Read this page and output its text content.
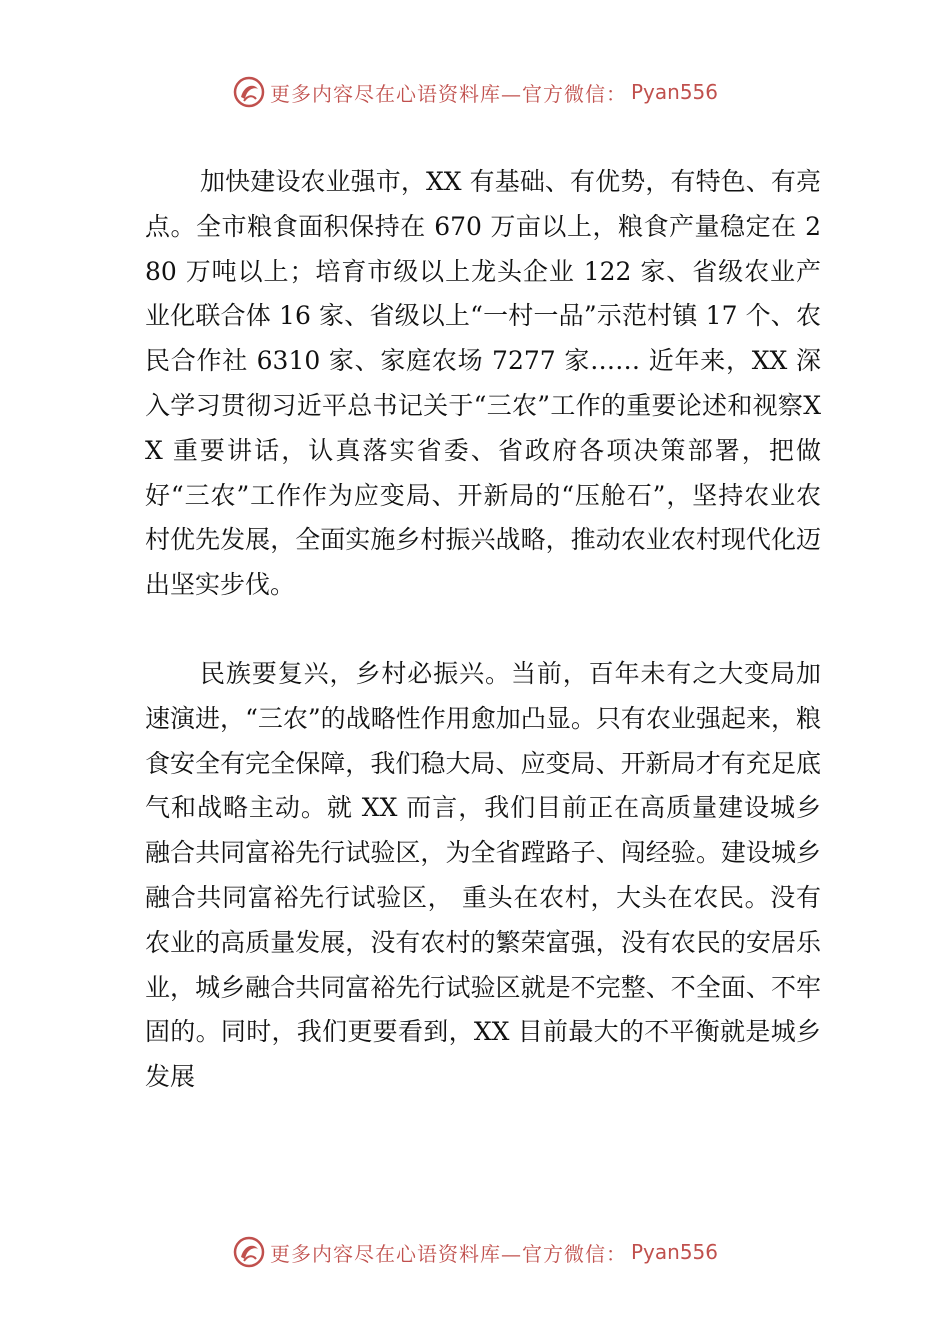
更多内容尽在心语资料库—官方微信： Pyan556

加快建设农业强市，XX 有基础、有优势，有特色、有亮点。全市粮食面积保持在 670 万亩以上，粮食产量稳定在 280 万吨以上；培育市级以上龙头企业 122 家、省级农业产业化联合体 16 家、省级以上“一村一品”示范村镇 17 个、农民合作社 6310 家、家庭农场 7277 家…… 近年来，XX 深入学习贯彻习近平总书记关于“三农”工作的重要论述和视察XX 重要讲话，认真落实省委、省政府各项决策部署，把做好“三农”工作作为应变局、开新局的“压舱石”，坚持农业农村优先发展，全面实施乡村振兴战略，推动农业农村现代化迈出坚实步伐。

民族要复兴，乡村必振兴。当前，百年未有之大变局加速演进，“三农”的战略性作用愈加凸显。只有农业强起来，粮食安全有完全保障，我们稳大局、应变局、开新局才有充足底气和战略主动。就 XX 而言，我们目前正在高质量建设城乡融合共同富裕先行试验区，为全省蹚路子、闯经验。建设城乡融合共同富裕先行试验区， 重头在农村，大头在农民。没有农业的高质量发展，没有农村的繁荣富强，没有农民的安居乐业，城乡融合共同富裕先行试验区就是不完整、不全面、不牢固的。同时，我们更要看到，XX 目前最大的不平衡就是城乡发展

更多内容尽在心语资料库—官方微信： Pyan556
